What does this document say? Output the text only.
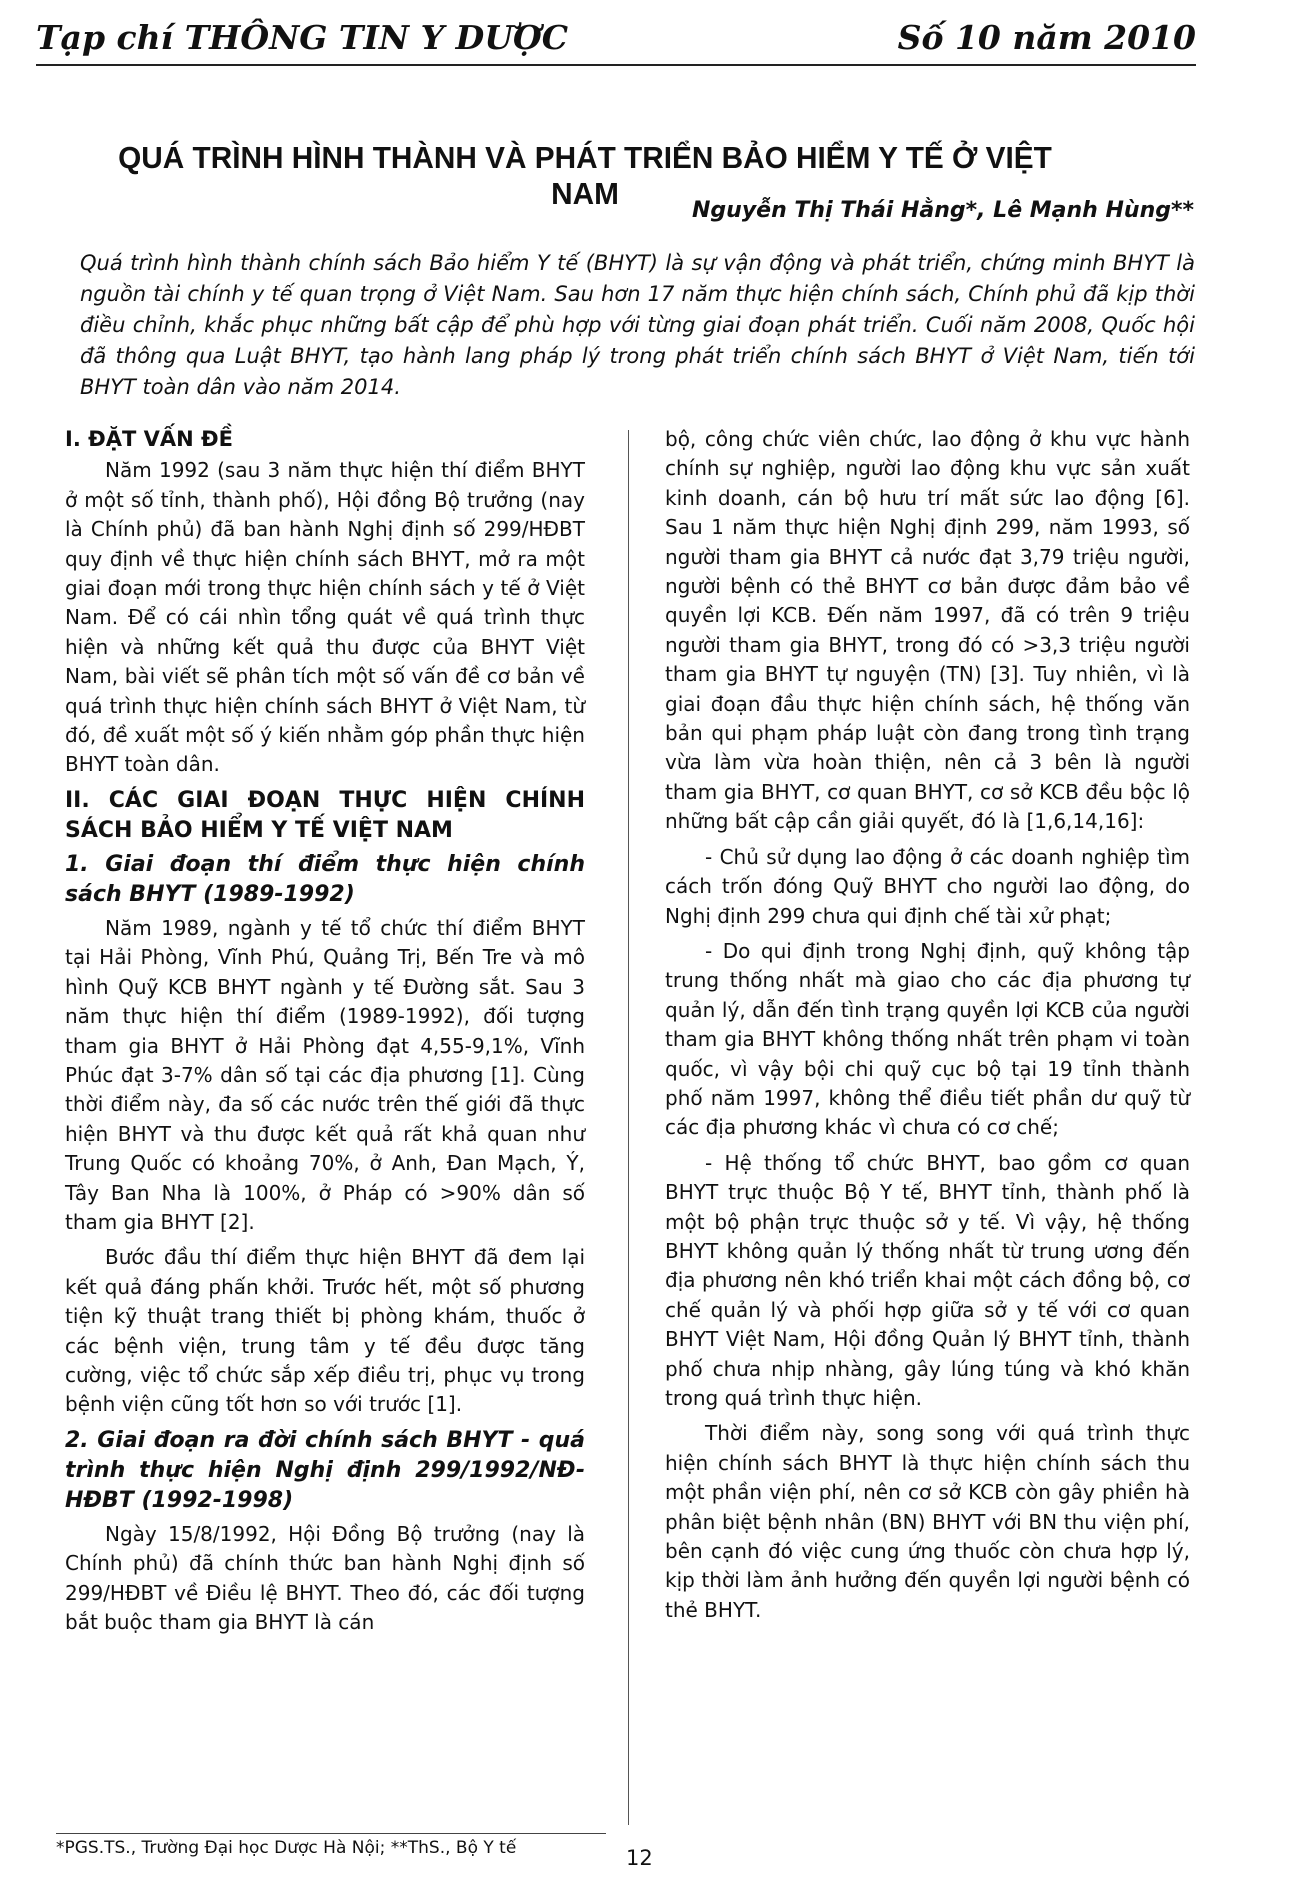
Tạp chí THÔNG TIN Y DƯỢC	Số 10 năm 2010
QUÁ TRÌNH HÌNH THÀNH VÀ PHÁT TRIỂN BẢO HIỂM Y TẾ Ở VIỆT NAM	Nguyễn Thị Thái Hằng*, Lê Mạnh Hùng**
Quá trình hình thành chính sách Bảo hiểm Y tế (BHYT) là sự vận động và phát triển, chứng minh BHYT là nguồn tài chính y tế quan trọng ở Việt Nam. Sau hơn 17 năm thực hiện chính sách, Chính phủ đã kịp thời điều chỉnh, khắc phục những bất cập để phù hợp với từng giai đoạn phát triển. Cuối năm 2008, Quốc hội đã thông qua Luật BHYT, tạo hành lang pháp lý trong phát triển chính sách BHYT ở Việt Nam, tiến tới BHYT toàn dân vào năm 2014.
I. ĐẶT VẤN ĐỀ

Năm 1992 (sau 3 năm thực hiện thí điểm BHYT ở một số tỉnh, thành phố), Hội đồng Bộ trưởng (nay là Chính phủ) đã ban hành Nghị định số 299/HĐBT quy định về thực hiện chính sách BHYT, mở ra một giai đoạn mới trong thực hiện chính sách y tế ở Việt Nam. Để có cái nhìn tổng quát về quá trình thực hiện và những kết quả thu được của BHYT Việt Nam, bài viết sẽ phân tích một số vấn đề cơ bản về quá trình thực hiện chính sách BHYT ở Việt Nam, từ đó, đề xuất một số ý kiến nhằm góp phần thực hiện BHYT toàn dân.

II. CÁC GIAI ĐOẠN THỰC HIỆN CHÍNH SÁCH BẢO HIỂM Y TẾ VIỆT NAM
1. Giai đoạn thí điểm thực hiện chính sách BHYT (1989-1992)

Năm 1989, ngành y tế tổ chức thí điểm BHYT tại Hải Phòng, Vĩnh Phú, Quảng Trị, Bến Tre và mô hình Quỹ KCB BHYT ngành y tế Đường sắt. Sau 3 năm thực hiện thí điểm (1989-1992), đối tượng tham gia BHYT ở Hải Phòng đạt 4,55-9,1%, Vĩnh Phúc đạt 3-7% dân số tại các địa phương [1]. Cùng thời điểm này, đa số các nước trên thế giới đã thực hiện BHYT và thu được kết quả rất khả quan như Trung Quốc có khoảng 70%, ở Anh, Đan Mạch, Ý, Tây Ban Nha là 100%, ở Pháp có >90% dân số tham gia BHYT [2].

Bước đầu thí điểm thực hiện BHYT đã đem lại kết quả đáng phấn khởi. Trước hết, một số phương tiện kỹ thuật trang thiết bị phòng khám, thuốc ở các bệnh viện, trung tâm y tế đều được tăng cường, việc tổ chức sắp xếp điều trị, phục vụ trong bệnh viện cũng tốt hơn so với trước [1].

2. Giai đoạn ra đời chính sách BHYT - quá trình thực hiện Nghị định 299/1992/NĐ-HĐBT (1992-1998)

Ngày 15/8/1992, Hội Đồng Bộ trưởng (nay là Chính phủ) đã chính thức ban hành Nghị định số 299/HĐBT về Điều lệ BHYT. Theo đó, các đối tượng bắt buộc tham gia BHYT là cán

bộ, công chức viên chức, lao động ở khu vực hành chính sự nghiệp, người lao động khu vực sản xuất kinh doanh, cán bộ hưu trí mất sức lao động [6]. Sau 1 năm thực hiện Nghị định 299, năm 1993, số người tham gia BHYT cả nước đạt 3,79 triệu người, người bệnh có thẻ BHYT cơ bản được đảm bảo về quyền lợi KCB. Đến năm 1997, đã có trên 9 triệu người tham gia BHYT, trong đó có >3,3 triệu người tham gia BHYT tự nguyện (TN) [3]. Tuy nhiên, vì là giai đoạn đầu thực hiện chính sách, hệ thống văn bản qui phạm pháp luật còn đang trong tình trạng vừa làm vừa hoàn thiện, nên cả 3 bên là người tham gia BHYT, cơ quan BHYT, cơ sở KCB đều bộc lộ những bất cập cần giải quyết, đó là [1,6,14,16]:

- Chủ sử dụng lao động ở các doanh nghiệp tìm cách trốn đóng Quỹ BHYT cho người lao động, do Nghị định 299 chưa qui định chế tài xử phạt;

- Do qui định trong Nghị định, quỹ không tập trung thống nhất mà giao cho các địa phương tự quản lý, dẫn đến tình trạng quyền lợi KCB của người tham gia BHYT không thống nhất trên phạm vi toàn quốc, vì vậy bội chi quỹ cục bộ tại 19 tỉnh thành phố năm 1997, không thể điều tiết phần dư quỹ từ các địa phương khác vì chưa có cơ chế;

- Hệ thống tổ chức BHYT, bao gồm cơ quan BHYT trực thuộc Bộ Y tế, BHYT tỉnh, thành phố là một bộ phận trực thuộc sở y tế. Vì vậy, hệ thống BHYT không quản lý thống nhất từ trung ương đến địa phương nên khó triển khai một cách đồng bộ, cơ chế quản lý và phối hợp giữa sở y tế với cơ quan BHYT Việt Nam, Hội đồng Quản lý BHYT tỉnh, thành phố chưa nhịp nhàng, gây lúng túng và khó khăn trong quá trình thực hiện.

Thời điểm này, song song với quá trình thực hiện chính sách BHYT là thực hiện chính sách thu một phần viện phí, nên cơ sở KCB còn gây phiền hà phân biệt bệnh nhân (BN) BHYT với BN thu viện phí, bên cạnh đó việc cung ứng thuốc còn chưa hợp lý, kịp thời làm ảnh hưởng đến quyền lợi người bệnh có thẻ BHYT.

*PGS.TS., Trường Đại học Dược Hà Nội; **ThS., Bộ Y tế	12
